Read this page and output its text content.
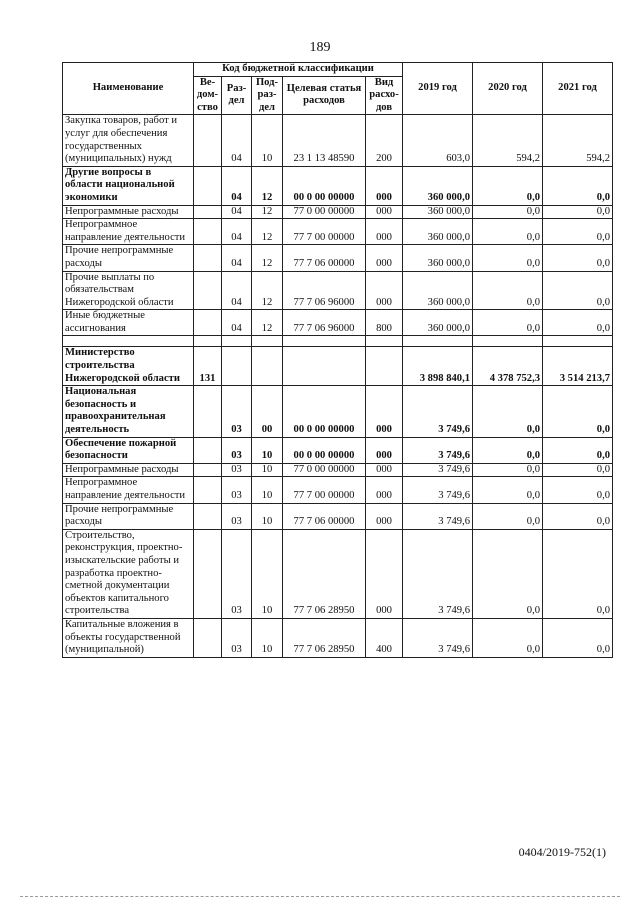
189
Наименование	Код бюджетной классификации					2019 год	2020 год	2021 год
	Ве-дом-ство	Раз-дел	Под-раз-дел	Целевая статья расходов	Вид расхо-дов			
Закупка товаров, работ и услуг для обеспечения государственных (муниципальных) нужд		04	10	23 1 13 48590	200	603,0	594,2	594,2
Другие вопросы в области национальной экономики		04	12	00 0 00 00000	000	360 000,0	0,0	0,0
Непрограммные расходы		04	12	77 0 00 00000	000	360 000,0	0,0	0,0
Непрограммное направление деятельности		04	12	77 7 00 00000	000	360 000,0	0,0	0,0
Прочие непрограммные расходы		04	12	77 7 06 00000	000	360 000,0	0,0	0,0
Прочие выплаты по обязательствам Нижегородской области		04	12	77 7 06 96000	000	360 000,0	0,0	0,0
Иные бюджетные ассигнования		04	12	77 7 06 96000	800	360 000,0	0,0	0,0

Министерство строительства Нижегородской области	131					3 898 840,1	4 378 752,3	3 514 213,7
Национальная безопасность и правоохранительная деятельность		03	00	00 0 00 00000	000	3 749,6	0,0	0,0
Обеспечение пожарной безопасности		03	10	00 0 00 00000	000	3 749,6	0,0	0,0
Непрограммные расходы		03	10	77 0 00 00000	000	3 749,6	0,0	0,0
Непрограммное направление деятельности		03	10	77 7 00 00000	000	3 749,6	0,0	0,0
Прочие непрограммные расходы		03	10	77 7 06 00000	000	3 749,6	0,0	0,0
Строительство, реконструкция, проектно-изыскательские работы и разработка проектно-сметной документации объектов капитального строительства		03	10	77 7 06 28950	000	3 749,6	0,0	0,0
Капитальные вложения в объекты государственной (муниципальной)		03	10	77 7 06 28950	400	3 749,6	0,0	0,0
0404/2019-752(1)
